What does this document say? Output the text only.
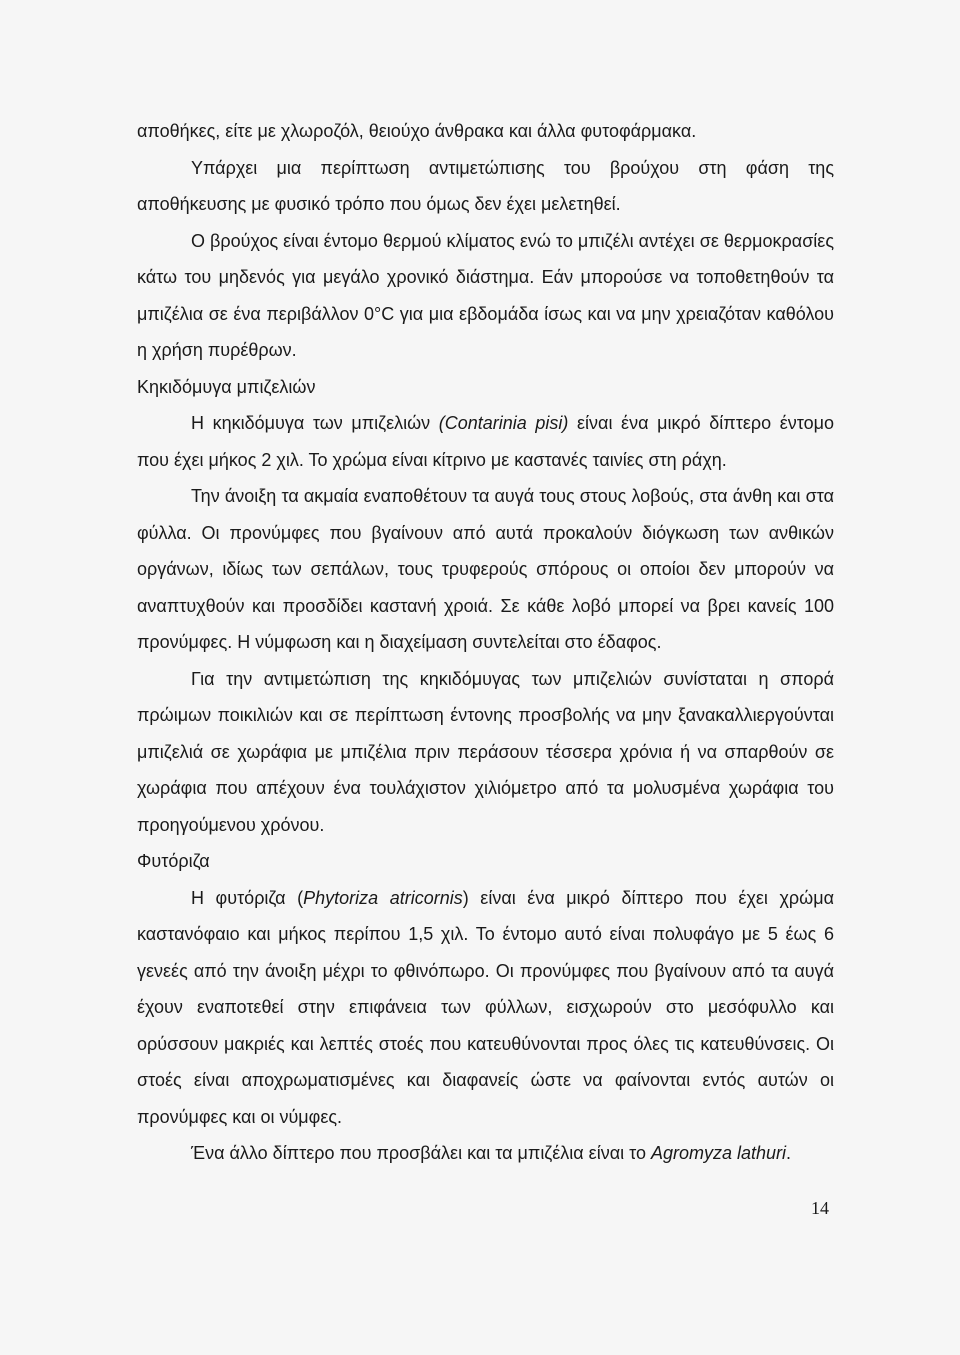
αποθήκες, είτε με χλωροζόλ, θειούχο άνθρακα και άλλα φυτοφάρμακα.

Υπάρχει μια περίπτωση αντιμετώπισης του βρούχου στη φάση της αποθήκευσης με φυσικό τρόπο που όμως δεν έχει μελετηθεί.

Ο βρούχος είναι έντομο θερμού κλίματος ενώ το μπιζέλι αντέχει σε θερμοκρασίες κάτω του μηδενός για μεγάλο χρονικό διάστημα. Εάν μπορούσε να τοποθετηθούν τα μπιζέλια σε ένα περιβάλλον 0°C για μια εβδομάδα ίσως και να μην χρειαζόταν καθόλου η χρήση πυρέθρων.

Κηκιδόμυγα μπιζελιών

Η κηκιδόμυγα των μπιζελιών (Contarinia pisi) είναι ένα μικρό δίπτερο έντομο που έχει μήκος 2 χιλ. Το χρώμα είναι κίτρινο με καστανές ταινίες στη ράχη.

Την άνοιξη τα ακμαία εναποθέτουν τα αυγά τους στους λοβούς, στα άνθη και στα φύλλα. Οι προνύμφες που βγαίνουν από αυτά προκαλούν διόγκωση των ανθικών οργάνων, ιδίως των σεπάλων, τους τρυφερούς σπόρους οι οποίοι δεν μπορούν να αναπτυχθούν και προσδίδει καστανή χροιά. Σε κάθε λοβό μπορεί να βρει κανείς 100 προνύμφες. Η νύμφωση και η διαχείμαση συντελείται στο έδαφος.

Για την αντιμετώπιση της κηκιδόμυγας των μπιζελιών συνίσταται η σπορά πρώιμων ποικιλιών και σε περίπτωση έντονης προσβολής να μην ξανακαλλιεργούνται μπιζελιά σε χωράφια με μπιζέλια πριν περάσουν τέσσερα χρόνια ή να σπαρθούν σε χωράφια που απέχουν ένα τουλάχιστον χιλιόμετρο από τα μολυσμένα χωράφια του προηγούμενου χρόνου.

Φυτόριζα

Η φυτόριζα (Phytoriza atricornis) είναι ένα μικρό δίπτερο που έχει χρώμα καστανόφαιο και μήκος περίπου 1,5 χιλ. Το έντομο αυτό είναι πολυφάγο με 5 έως 6 γενεές από την άνοιξη μέχρι το φθινόπωρο. Οι προνύμφες που βγαίνουν από τα αυγά έχουν εναποτεθεί στην επιφάνεια των φύλλων, εισχωρούν στο μεσόφυλλο και ορύσσουν μακριές και λεπτές στοές που κατευθύνονται προς όλες τις κατευθύνσεις. Οι στοές είναι αποχρωματισμένες και διαφανείς ώστε να φαίνονται εντός αυτών οι προνύμφες και οι νύμφες.

Ένα άλλο δίπτερο που προσβάλει και τα μπιζέλια είναι το Agromyza lathuri.

14
